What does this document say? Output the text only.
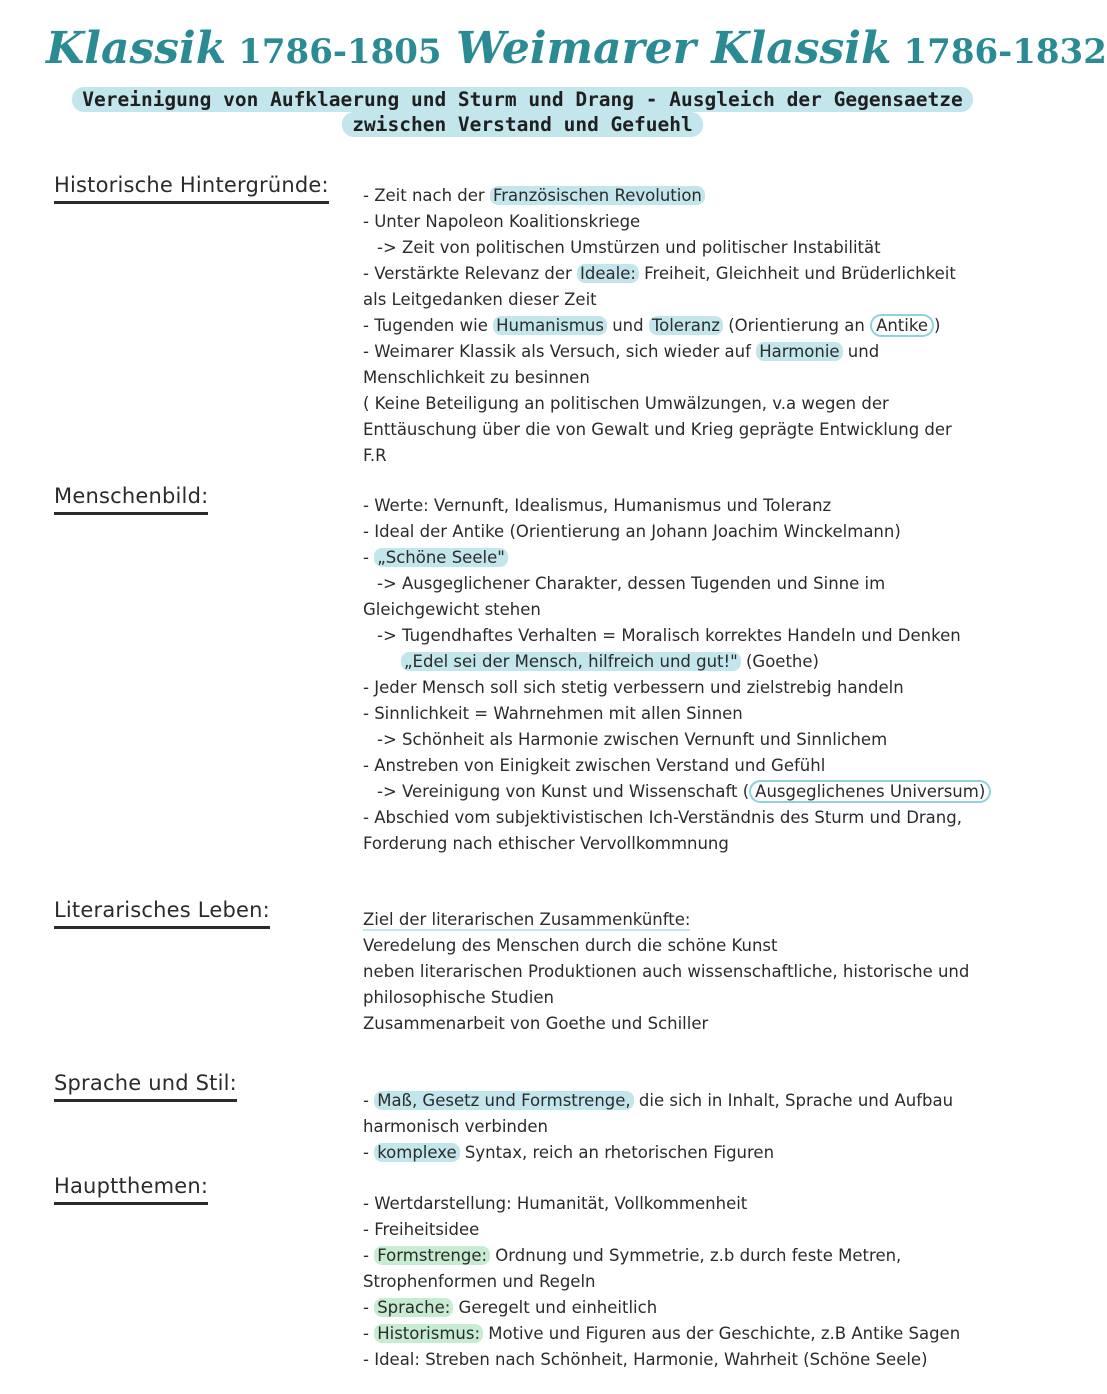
Klassik 1786-1805 Weimarer Klassik 1786-1832
Vereinigung von Aufklaerung und Sturm und Drang - Ausgleich der Gegensaetze
zwischen Verstand und Gefuehl
Historische Hintergründe: - Zeit nach der Französischen Revolution
- Unter Napoleon Koalitionskriege
-> Zeit von politischen Umstürzen und politischer Instabilität
- Verstärkte Relevanz der Ideale: Freiheit, Gleichheit und Brüderlichkeit
als Leitgedanken dieser Zeit
- Tugenden wie Humanismus und Toleranz (Orientierung an Antike )
- Weimarer Klassik als Versuch, sich wieder auf Harmonie und
Menschlichkeit zu besinnen
( Keine Beteiligung an politischen Umwälzungen, v.a wegen der
Enttäuschung über die von Gewalt und Krieg geprägte Entwicklung der
F.R
Menschenbild:	- Werte: Vernunft, Idealismus, Humanismus und Toleranz
- Ideal der Antike (Orientierung an Johann Joachim Winckelmann)
- „Schöne Seele"
-> Ausgeglichener Charakter, dessen Tugenden und Sinne im
Gleichgewicht stehen
-> Tugendhaftes Verhalten = Moralisch korrektes Handeln und Denken
„Edel sei der Mensch, hilfreich und gut!" (Goethe)
- Jeder Mensch soll sich stetig verbessern und zielstrebig handeln
- Sinnlichkeit = Wahrnehmen mit allen Sinnen
-> Schönheit als Harmonie zwischen Vernunft und Sinnlichem
- Anstreben von Einigkeit zwischen Verstand und Gefühl
-> Vereinigung von Kunst und Wissenschaft ( Ausgeglichenes Universum)
- Abschied vom subjektivistischen Ich-Verständnis des Sturm und Drang,
Forderung nach ethischer Vervollkommnung
Literarisches Leben:	Ziel der literarischen Zusammenkünfte:
Veredelung des Menschen durch die schöne Kunst
neben literarischen Produktionen auch wissenschaftliche, historische und
philosophische Studien
Zusammenarbeit von Goethe und Schiller
Sprache und Stil:
- Maß, Gesetz und Formstrenge, die sich in Inhalt, Sprache und Aufbau
harmonisch verbinden
- komplexe Syntax, reich an rhetorischen Figuren
Hauptthemen:
- Wertdarstellung: Humanität, Vollkommenheit
- Freiheitsidee
- Formstrenge: Ordnung und Symmetrie, z.b durch feste Metren,
Strophenformen und Regeln
- Sprache: Geregelt und einheitlich
- Historismus: Motive und Figuren aus der Geschichte, z.B Antike Sagen
- Ideal: Streben nach Schönheit, Harmonie, Wahrheit (Schöne Seele)
